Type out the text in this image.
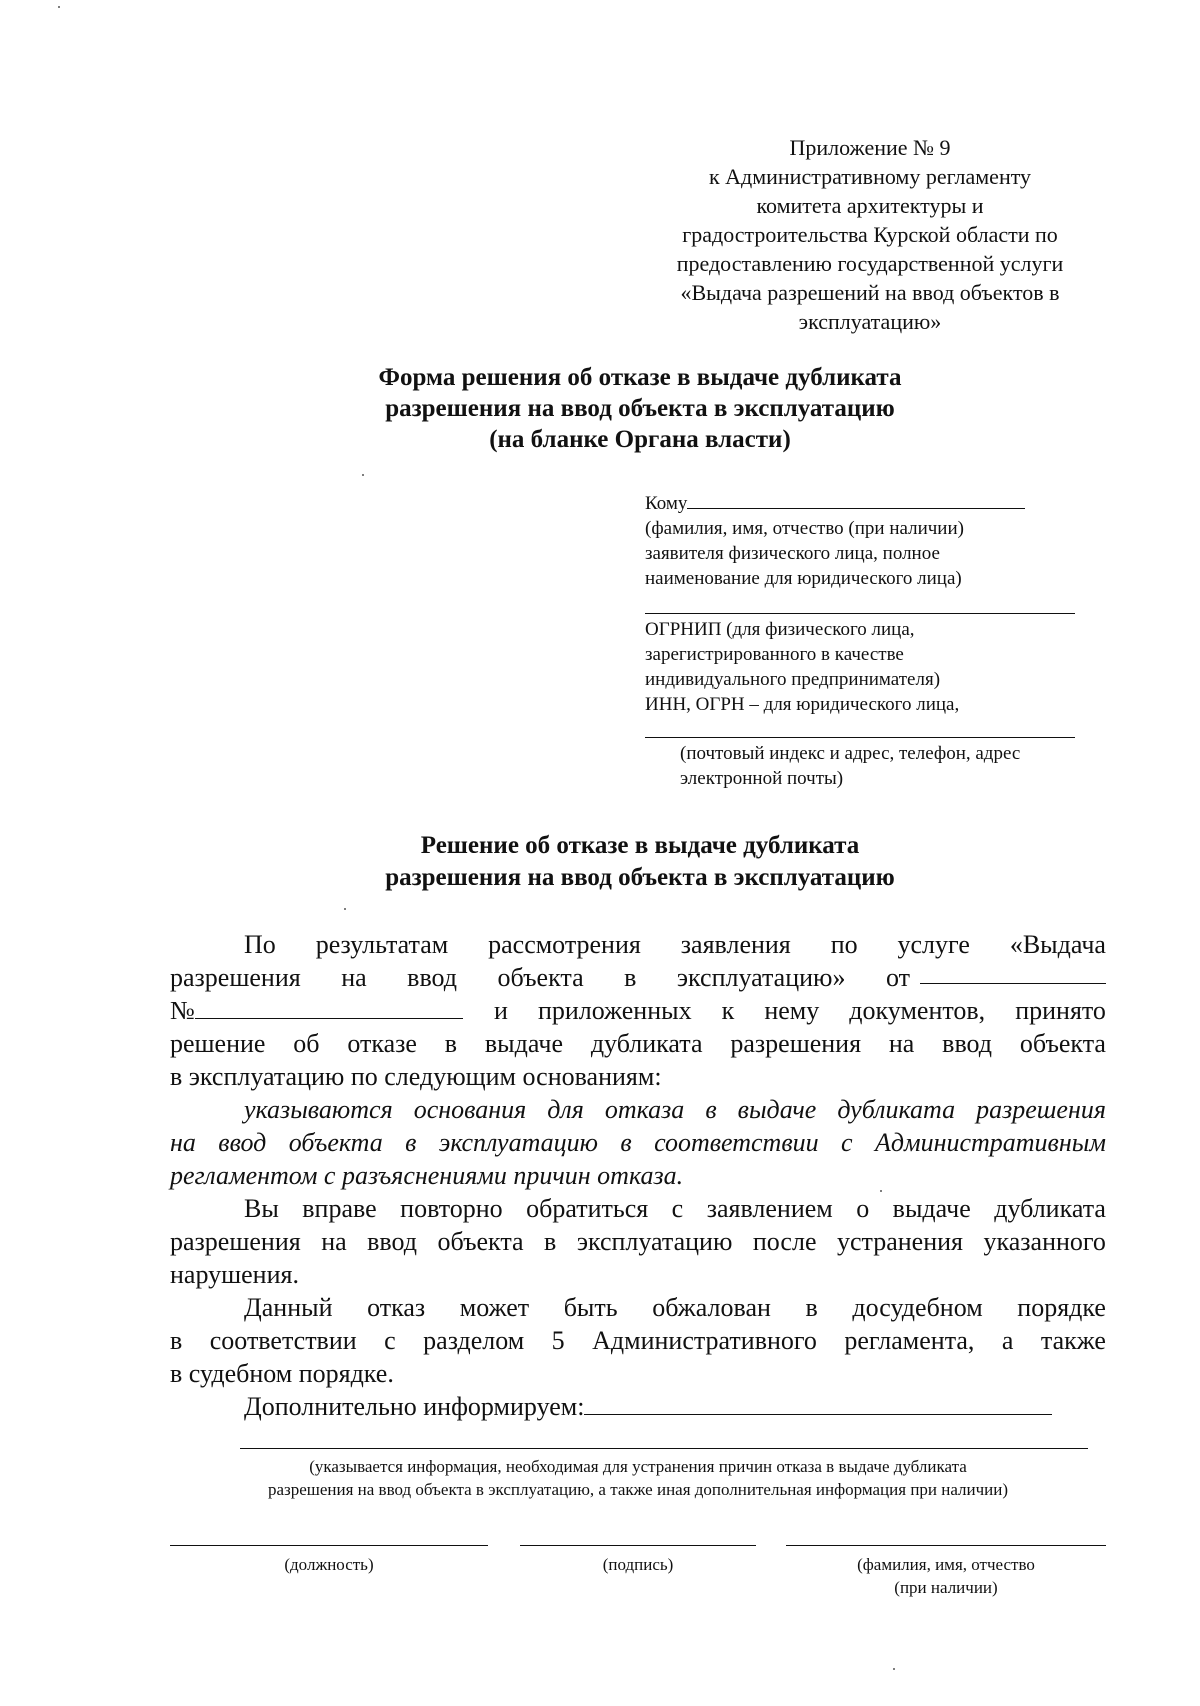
Приложение № 9
к Административному регламенту
комитета архитектуры и
градостроительства Курской области по
предоставлению государственной услуги
«Выдача разрешений на ввод объектов в
эксплуатацию»
Форма решения об отказе в выдаче дубликата
разрешения на ввод объекта в эксплуатацию
(на бланке Органа власти)
Кому
(фамилия, имя, отчество (при наличии)
заявителя физического лица, полное
наименование для юридического лица)
ОГРНИП (для физического лица,
зарегистрированного в качестве
индивидуального предпринимателя)
ИНН, ОГРН – для юридического лица,
(почтовый индекс и адрес, телефон, адрес
электронной почты)
Решение об отказе в выдаче дубликата
разрешения на ввод объекта в эксплуатацию
По результатам рассмотрения заявления по услуге «Выдача
разрешения на ввод объекта в эксплуатацию» от
№	и приложенных к нему документов, принято
решение об отказе в выдаче дубликата разрешения на ввод объекта
в эксплуатацию по следующим основаниям:
указываются основания для отказа в выдаче дубликата разрешения
на ввод объекта в эксплуатацию в соответствии с Административным
регламентом с разъяснениями причин отказа.
Вы вправе повторно обратиться с заявлением о выдаче дубликата
разрешения на ввод объекта в эксплуатацию после устранения указанного
нарушения.
Данный отказ может быть обжалован в досудебном порядке
в соответствии с разделом 5 Административного регламента, а также
в судебном порядке.
Дополнительно информируем:
(указывается информация, необходимая для устранения причин отказа в выдаче дубликата
разрешения на ввод объекта в эксплуатацию, а также иная дополнительная информация при наличии)
(должность)	(подпись)	(фамилия, имя, отчество
(при наличии)
